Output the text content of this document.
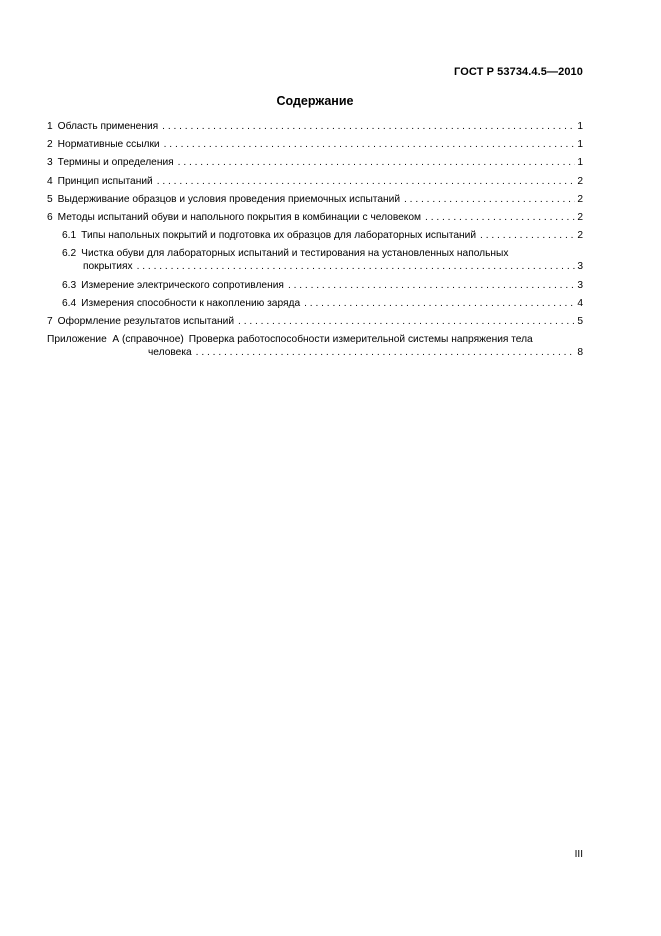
ГОСТ Р 53734.4.5—2010
Содержание
1 Область применения . . .	1
2 Нормативные ссылки . . .	1
3 Термины и определения . . .	1
4 Принцип испытаний . . .	2
5 Выдерживание образцов и условия проведения приемочных испытаний . . .	2
6 Методы испытаний обуви и напольного покрытия в комбинации с человеком . . .	2
6.1 Типы напольных покрытий и подготовка их образцов для лабораторных испытаний . . .	2
6.2 Чистка обуви для лабораторных испытаний и тестирования на установленных напольных
покрытиях . . .	3
6.3 Измерение электрического сопротивления . . .	3
6.4 Измерения способности к накоплению заряда . . .	4
7 Оформление результатов испытаний . . .	5
Приложение  А (справочное) Проверка работоспособности измерительной системы напряжения тела
человека . . .	8
III
